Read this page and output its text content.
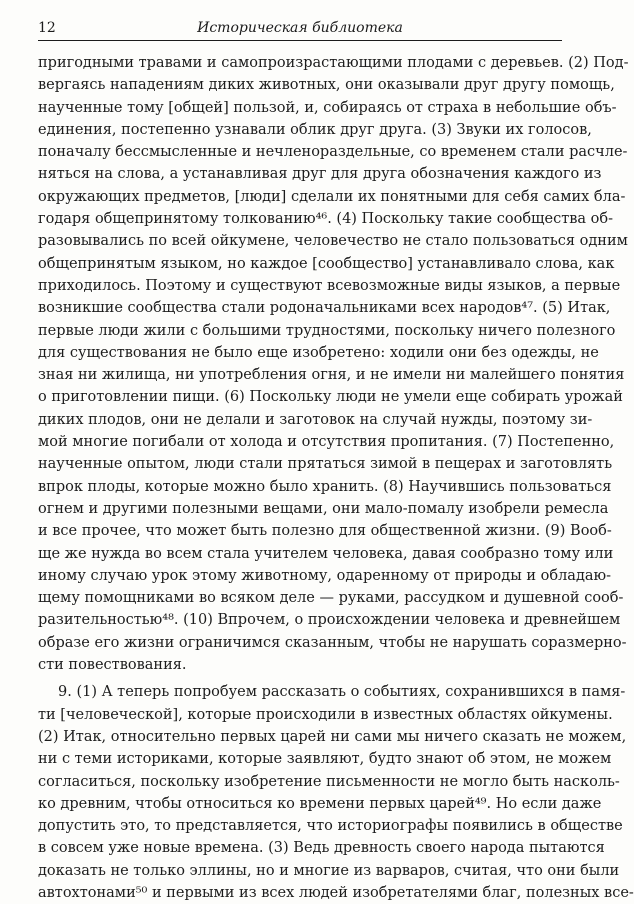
12	Историческая библиотека
пригодными травами и самопроизрастающими плодами с деревьев. (2) Под-
вергаясь нападениям диких животных, они оказывали друг другу помощь,
наученные тому [общей] пользой, и, собираясь от страха в небольшие объ-
единения, постепенно узнавали облик друг друга. (3) Звуки их голосов,
поначалу бессмысленные и нечленораздельные, со временем стали расчле-
няться на слова, а устанавливая друг для друга обозначения каждого из
окружающих предметов, [люди] сделали их понятными для себя самих бла-
годаря общепринятому толкованию⁴⁶. (4) Поскольку такие сообщества об-
разовывались по всей ойкумене, человечество не стало пользоваться одним
общепринятым языком, но каждое [сообщество] устанавливало слова, как
приходилось. Поэтому и существуют всевозможные виды языков, а первые
возникшие сообщества стали родоначальниками всех народов⁴⁷. (5) Итак,
первые люди жили с большими трудностями, поскольку ничего полезного
для существования не было еще изобретено: ходили они без одежды, не
зная ни жилища, ни употребления огня, и не имели ни малейшего понятия
о приготовлении пищи. (6) Поскольку люди не умели еще собирать урожай
диких плодов, они не делали и заготовок на случай нужды, поэтому зи-
мой многие погибали от холода и отсутствия пропитания. (7) Постепенно,
наученные опытом, люди стали прятаться зимой в пещерах и заготовлять
впрок плоды, которые можно было хранить. (8) Научившись пользоваться
огнем и другими полезными вещами, они мало-помалу изобрели ремесла
и все прочее, что может быть полезно для общественной жизни. (9) Вооб-
ще же нужда во всем стала учителем человека, давая сообразно тому или
иному случаю урок этому животному, одаренному от природы и обладаю-
щему помощниками во всяком деле — руками, рассудком и душевной сооб-
разительностью⁴⁸. (10) Впрочем, о происхождении человека и древнейшем
образе его жизни ограничимся сказанным, чтобы не нарушать соразмерно-
сти повествования.
9. (1) А теперь попробуем рассказать о событиях, сохранившихся в памя-
ти [человеческой], которые происходили в известных областях ойкумены.
(2) Итак, относительно первых царей ни сами мы ничего сказать не можем,
ни с теми историками, которые заявляют, будто знают об этом, не можем
согласиться, поскольку изобретение письменности не могло быть насколь-
ко древним, чтобы относиться ко времени первых царей⁴⁹. Но если даже
допустить это, то представляется, что историографы появились в обществе
в совсем уже новые времена. (3) Ведь древность своего народа пытаются
доказать не только эллины, но и многие из варваров, считая, что они были
автохтонами⁵⁰ и первыми из всех людей изобретателями благ, полезных все-
